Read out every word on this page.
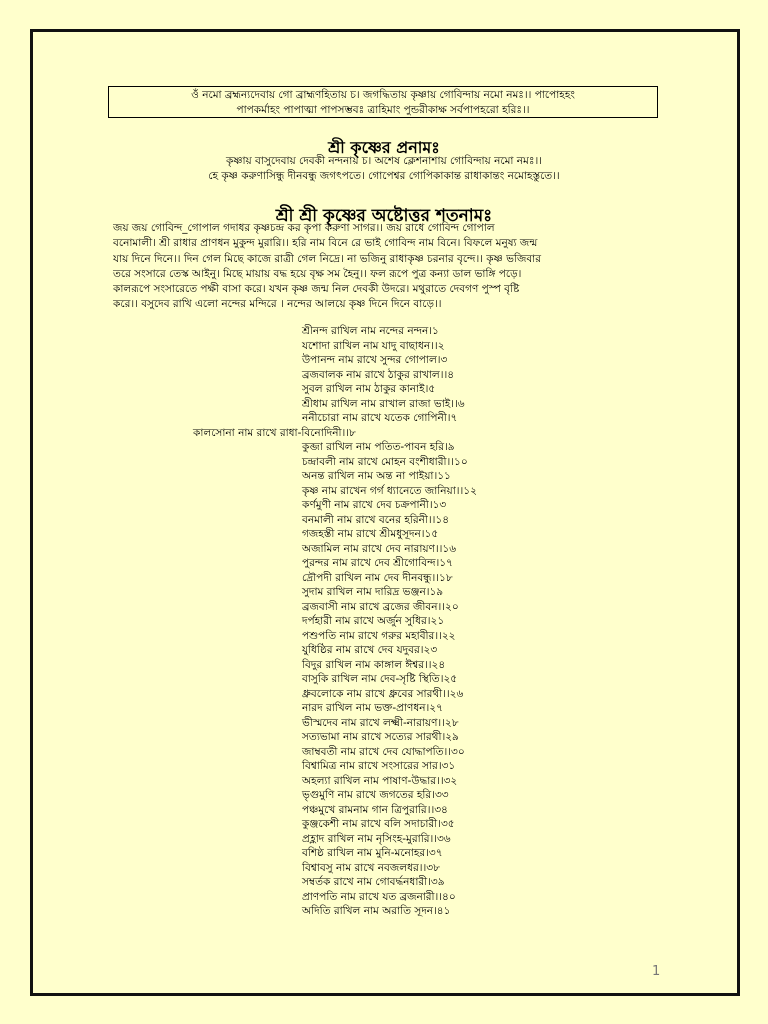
ওঁ নমো ব্রহ্মন্যদেবায় গো ব্রাহ্মণহিতায় চ। জগদ্ধিতায় কৃষ্ণায় গোবিন্দায় নমো নমঃ।। পাপোহহং
পাপকর্মাহং পাপাত্মা পাপসম্ভবঃ ত্রাহিমাং পুন্ডরীকাক্ষ সর্বপাপহরো হরিঃ।।
শ্রী কৃষ্ণের প্রনামঃ
কৃষ্ণায় বাসুদেবায় দেবকী নন্দনায় চ। অশেষ ক্লেশনাশায় গোবিন্দায় নমো নমঃ।।
হে কৃষ্ণ করুণাসিন্ধু দীনবন্ধু জগৎপতে। গোপেশ্বর গোপিকাকান্ত রাধাকান্তং নমোহস্তুতে।।
শ্রী শ্রী কৃষ্ণের অষ্টোত্তর শতনামঃ
জয় জয় গোবিন্দ_গোপাল গদাধর কৃষ্ণচন্দ্র কর কৃপা করুণা সাগর।। জয় রাধে গোবিন্দ গোপাল
বনোমালী। শ্রী রাধার প্রাণধন মুকুন্দ মুরারি।। হরি নাম বিনে রে ভাই গোবিন্দ নাম বিনে। বিফলে মনুষ্য জন্ম
যায় দিনে দিনে।। দিন গেল মিছে কাজে রাত্রী গেল নিদ্রে। না ভজিনু রাধাকৃষ্ণ চরনার বৃন্দে।। কৃষ্ণ ভজিবার
তরে সংসারে তেস্ক আইনু। মিছে মায়ায় বদ্ধ হয়ে বৃক্ষ সম হৈনু।। ফল রূপে পুত্র কন্যা ডাল ভাঙ্গি পড়ে।
কালরূপে সংসারেতে পক্ষী বাসা করে। যখন কৃষ্ণ জন্ম নিল দেবকী উদরে। মথুরাতে দেবগণ পুস্প বৃষ্টি
করে।। বসুদেব রাখি এলো নন্দের মন্দিরে । নন্দের আলয়ে কৃষ্ণ দিনে দিনে বাড়ে।।
শ্রীনন্দ রাখিল নাম নন্দের নন্দন।১
যশোদা রাখিল নাম যাদু বাছাধন।।২
উপানন্দ নাম রাখে সুন্দর গোপাল।৩
ব্রজবালক নাম রাখে ঠাকুর রাখাল।।৪
সুবল রাখিল নাম ঠাকুর কানাই।৫
শ্রীধাম রাখিল নাম রাখাল রাজা ভাই।।৬
ননীচোরা নাম রাখে যতেক গোপিনী।৭
কালসোনা নাম রাখে রাধা-বিনোদিনী।।৮
কুব্জা রাখিল নাম পতিত-পাবন হরি।৯
চন্দ্রাবলী নাম রাখে মোহন বংশীধারী।।১০
অনন্ত রাখিল নাম অন্ত না পাইয়া।১১
কৃষ্ণ নাম রাখেন গর্গ ধ্যানেতে জানিয়া।।১২
কর্ণমুণী নাম রাখে দেব চক্রপানী।১৩
বনমালী নাম রাখে বনের হরিনী।।১৪
গজহস্তী নাম রাখে শ্রীমধুসূদন।১৫
অজামিল নাম রাখে দেব নারায়ণ।।১৬
পুরন্দর নাম রাখে দেব শ্রীগোবিন্দ।১৭
দ্রৌপদী রাখিল নাম দেব দীনবন্ধু।।১৮
সুদাম রাখিল নাম দারিদ্র ভঞ্জন।১৯
ব্রজবাসী নাম রাখে ব্রজের জীবন।।২০
দর্পহারী নাম রাখে অর্জুন সুধির।২১
পশুপতি নাম রাখে গরুর মহাবীর।।২২
যুধিষ্ঠির নাম রাখে দেব যদুবর।২৩
বিদুর রাখিল নাম কাঙ্গাল ঈশ্বর।।২৪
বাসুকি রাখিল নাম দেব-সৃষ্টি স্থিতি।২৫
ধ্রুবলোকে নাম রাখে ধ্রুবের সারথী।।২৬
নারদ রাখিল নাম ভক্ত-প্রাণধন।২৭
ভীস্মদেব নাম রাখে লক্ষ্মী-নারায়ণ।।২৮
সত্যভামা নাম রাখে সত্যের সারথী।২৯
জাম্ববতী নাম রাখে দেব যোদ্ধাপতি।।৩০
বিশ্বামিত্র নাম রাখে সংসারের সার।৩১
অহল্যা রাখিল নাম পাষাণ-উদ্ধার।।৩২
ভৃগুমুণি নাম রাখে জগতের হরি।৩৩
পঞ্চমুখে রামনাম গান ত্রিপুরারি।।৩৪
কুঞ্জকেশী নাম রাখে বলি সদাচারী।৩৫
প্রহ্লাদ রাখিল নাম নৃসিংহ-মুরারি।।৩৬
বশিষ্ঠ রাখিল নাম মুনি-মনোহর।৩৭
বিশ্বাবসু নাম রাখে নবজলধর।।৩৮
সম্বর্তক রাখে নাম গোবর্দ্ধনধারী।৩৯
প্রাণপতি নাম রাখে যত ব্রজনারী।।৪০
অদিতি রাখিল নাম অরাতি সূদন।৪১
1
